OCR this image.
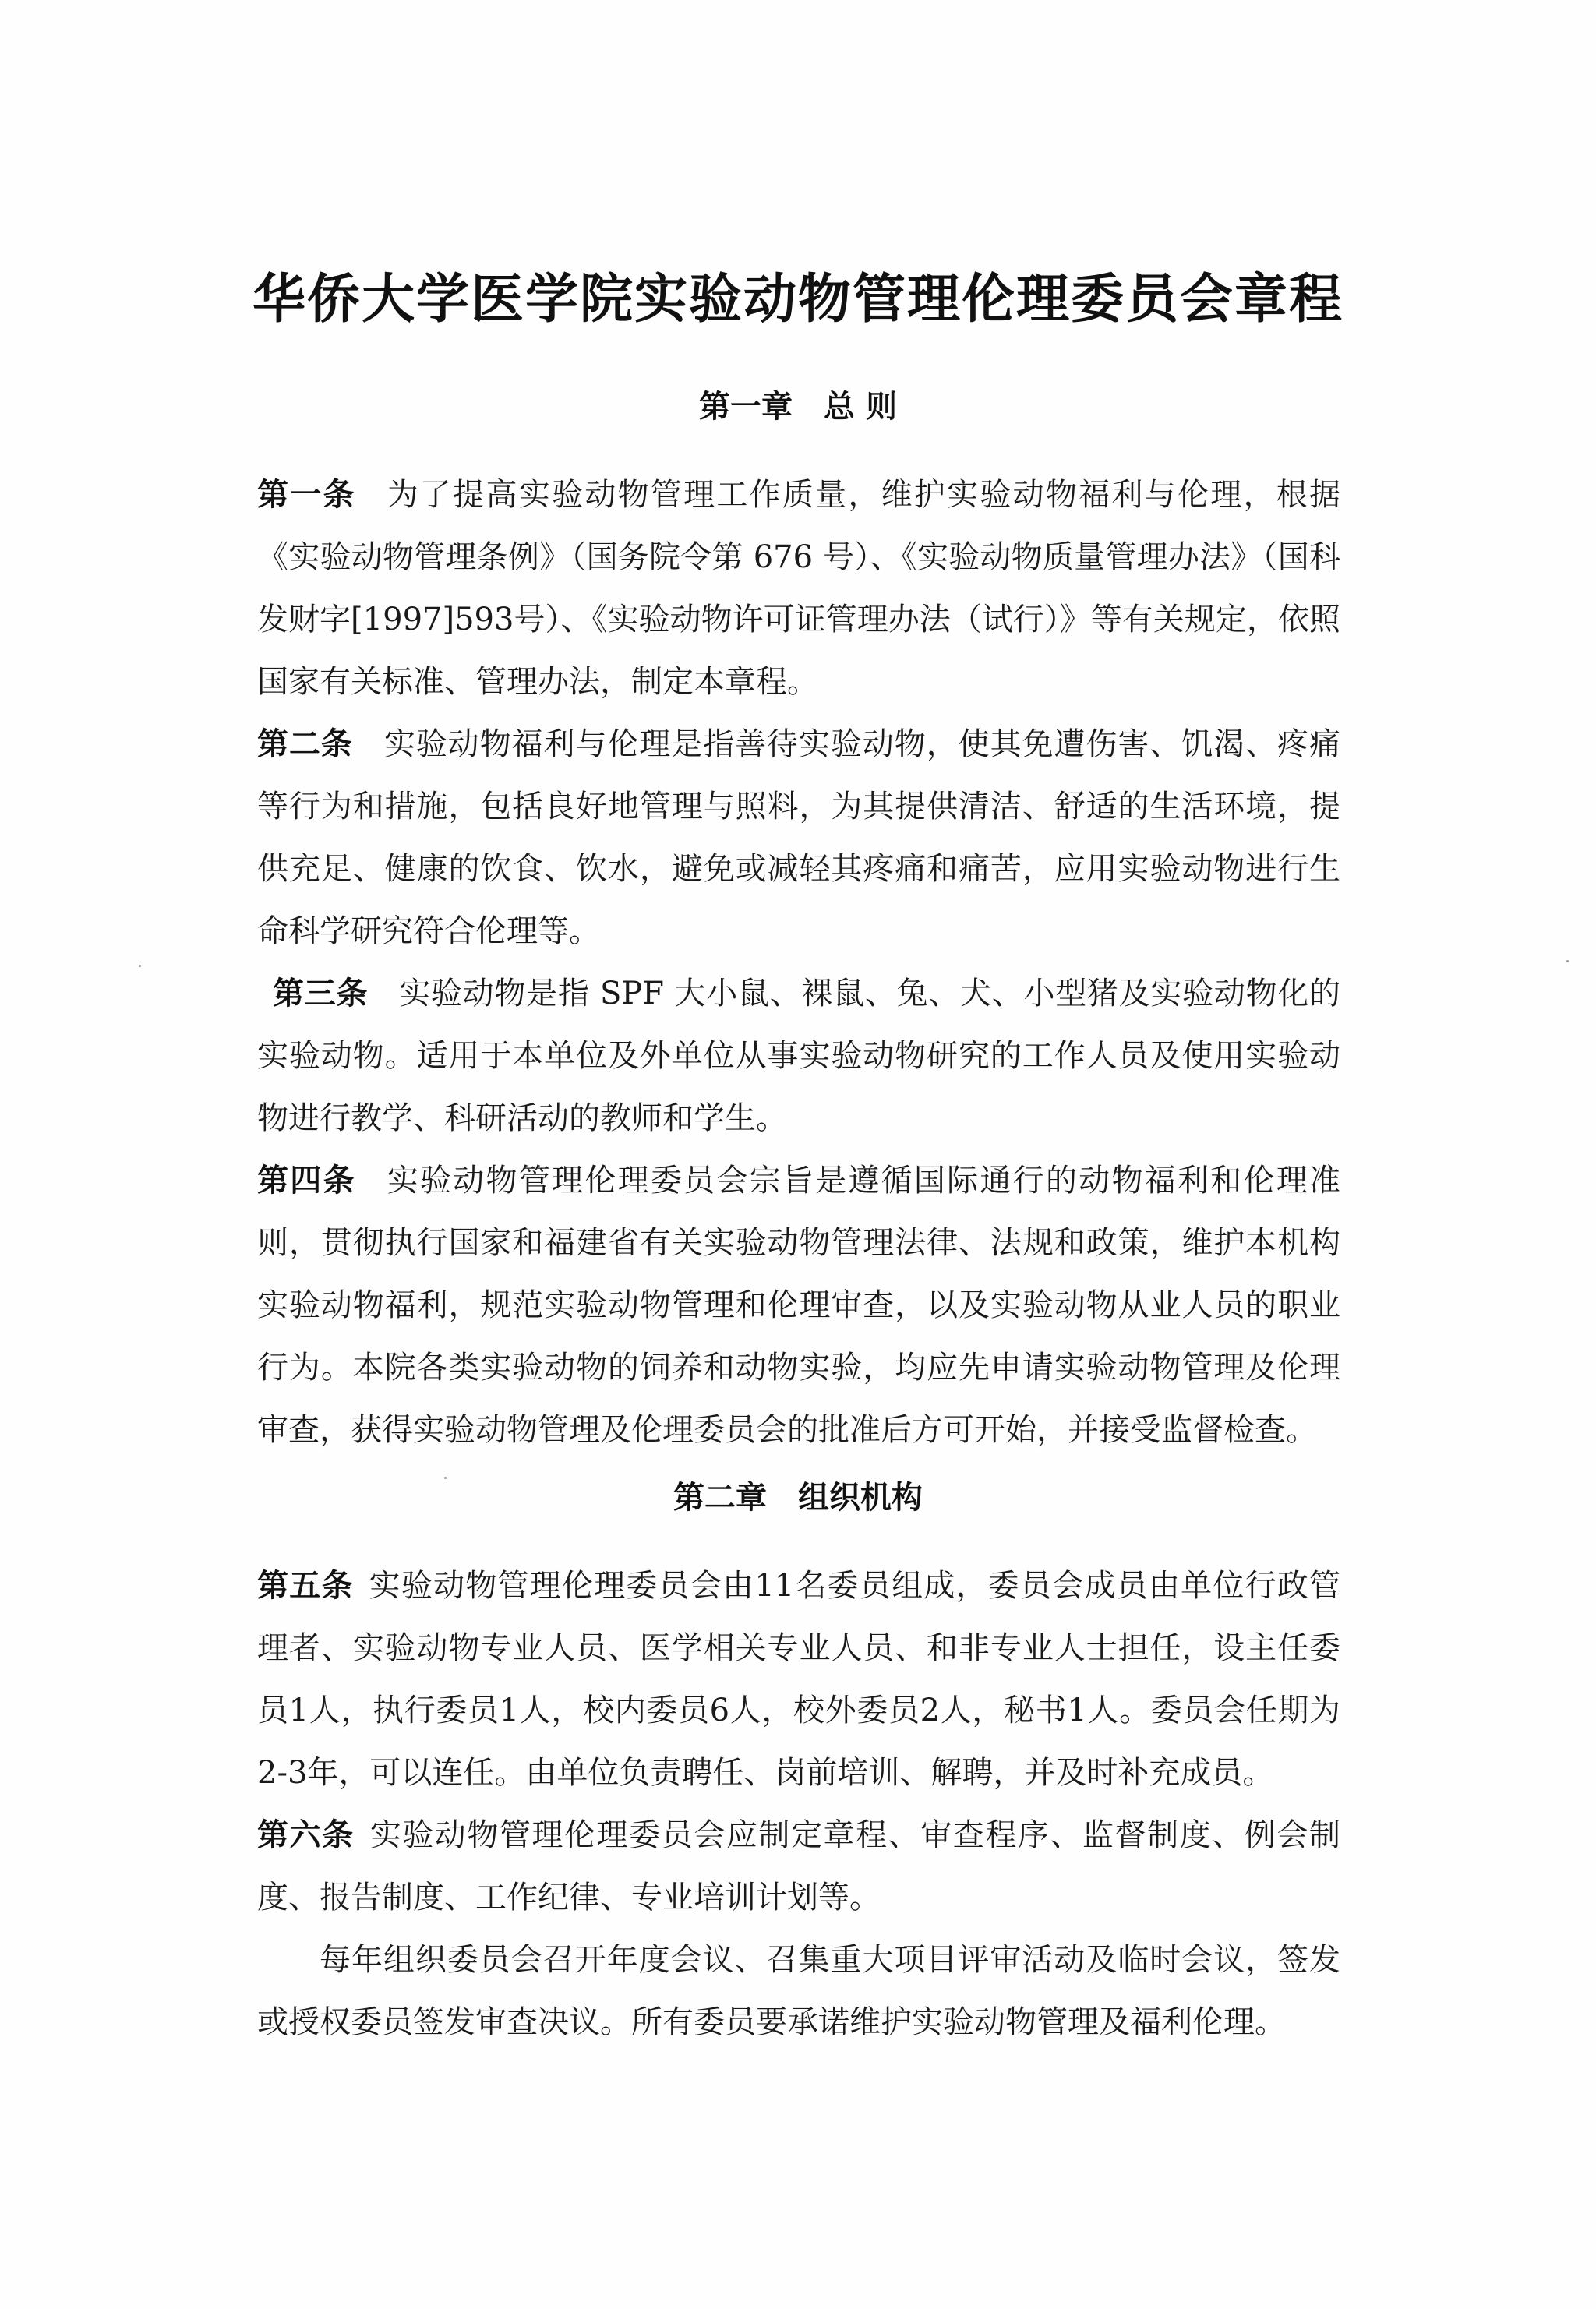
华侨大学医学院实验动物管理伦理委员会章程
第一章 总 则
第一条 为了提高实验动物管理工作质量，维护实验动物福利与伦理，根据《实验动物管理条例》（国务院令第 676 号）、《实验动物质量管理办法》（国科发财字[1997]593号）、《实验动物许可证管理办法（试行）》等有关规定，依照国家有关标准、管理办法，制定本章程。
第二条 实验动物福利与伦理是指善待实验动物，使其免遭伤害、饥渴、疼痛等行为和措施，包括良好地管理与照料，为其提供清洁、舒适的生活环境，提供充足、健康的饮食、饮水，避免或减轻其疼痛和痛苦，应用实验动物进行生命科学研究符合伦理等。
第三条 实验动物是指 SPF 大小鼠、裸鼠、兔、犬、小型猪及实验动物化的实验动物。适用于本单位及外单位从事实验动物研究的工作人员及使用实验动物进行教学、科研活动的教师和学生。
第四条 实验动物管理伦理委员会宗旨是遵循国际通行的动物福利和伦理准则，贯彻执行国家和福建省有关实验动物管理法律、法规和政策，维护本机构实验动物福利，规范实验动物管理和伦理审查，以及实验动物从业人员的职业行为。本院各类实验动物的饲养和动物实验，均应先申请实验动物管理及伦理审查，获得实验动物管理及伦理委员会的批准后方可开始，并接受监督检查。
第二章 组织机构
第五条 实验动物管理伦理委员会由11名委员组成，委员会成员由单位行政管理者、实验动物专业人员、医学相关专业人员、和非专业人士担任，设主任委员1人，执行委员1人，校内委员6人，校外委员2人，秘书1人。委员会任期为2-3年，可以连任。由单位负责聘任、岗前培训、解聘，并及时补充成员。
第六条 实验动物管理伦理委员会应制定章程、审查程序、监督制度、例会制度、报告制度、工作纪律、专业培训计划等。
每年组织委员会召开年度会议、召集重大项目评审活动及临时会议，签发或授权委员签发审查决议。所有委员要承诺维护实验动物管理及福利伦理。
